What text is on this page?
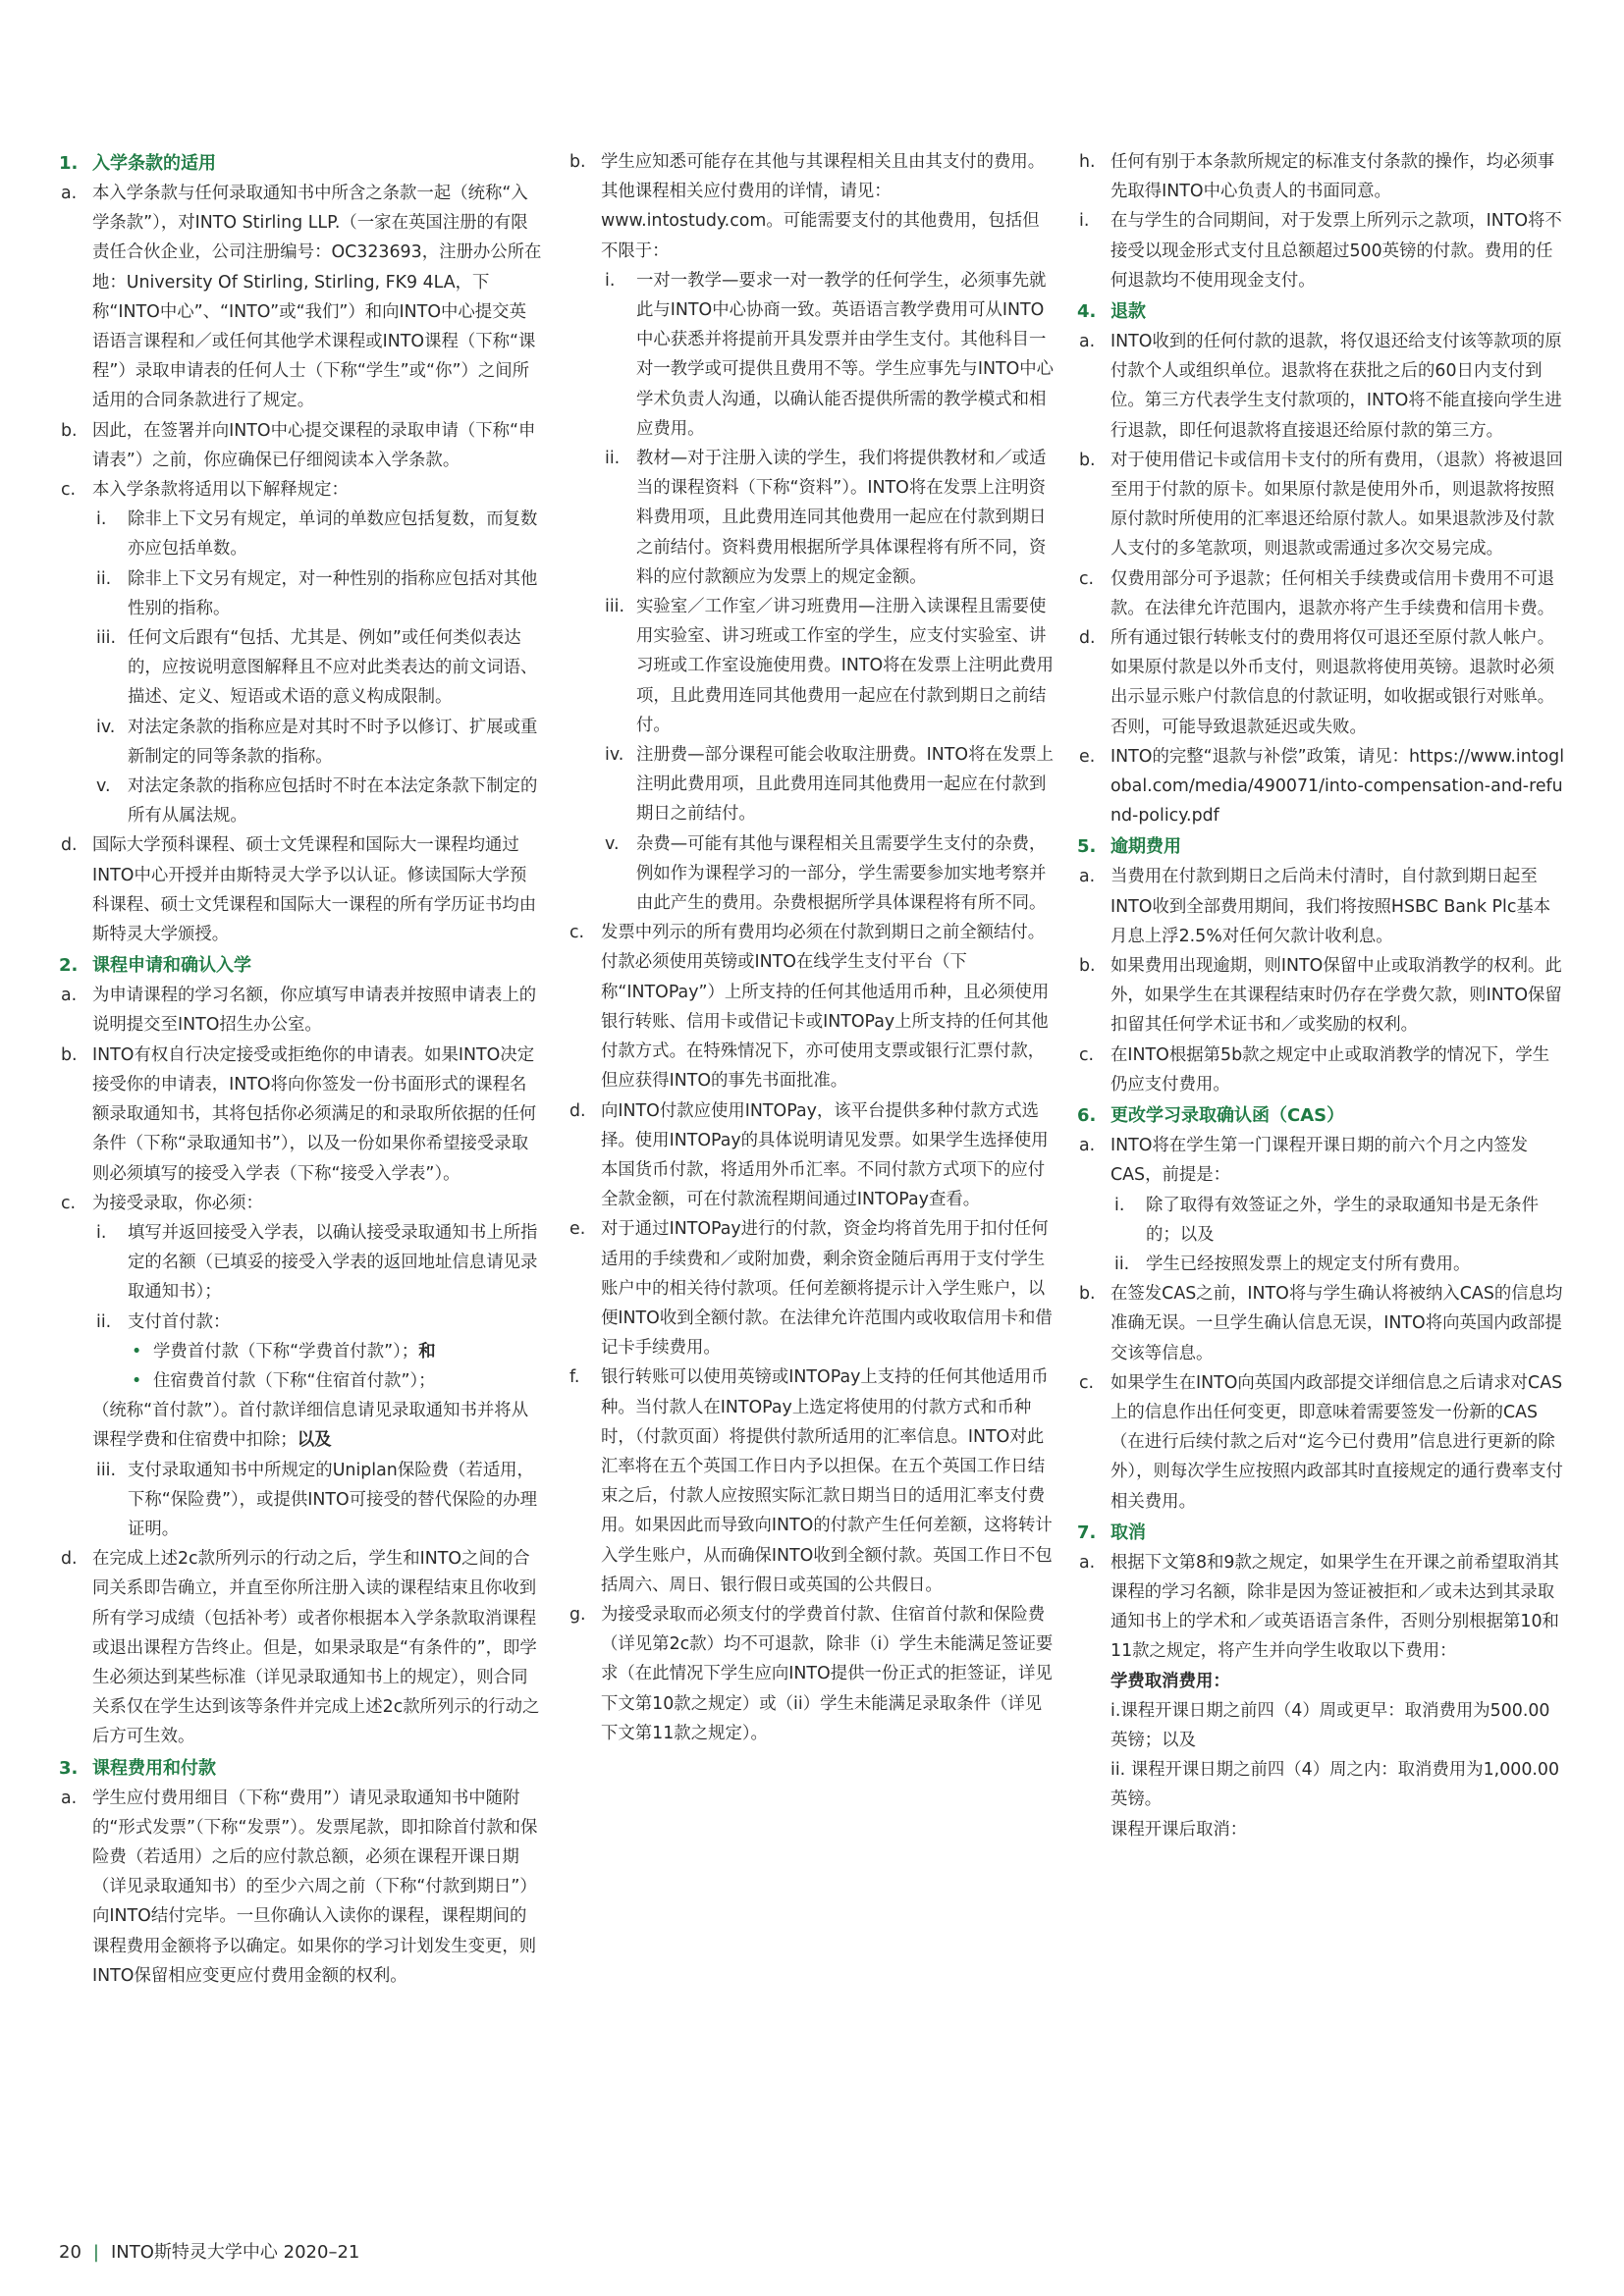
1. 入学条款的适用
a. 本入学条款与任何录取通知书中所含之条款一起（统称“入学条款”），对INTO Stirling LLP.（一家在英国注册的有限责任合伙企业，公司注册编号：OC323693，注册办公所在地：University Of Stirling, Stirling, FK9 4LA，下称“INTO中心”、“INTO”或“我们”）和向INTO中心提交英语语言课程和／或任何其他学术课程或INTO课程（下称“课程”）录取申请表的任何人士（下称“学生”或“你”）之间所适用的合同条款进行了规定。
b. 因此，在签署并向INTO中心提交课程的录取申请（下称“申请表”）之前，你应确保已仔细阅读本入学条款。
c. 本入学条款将适用以下解释规定：
i. 除非上下文另有规定，单词的单数应包括复数，而复数亦应包括单数。
ii. 除非上下文另有规定，对一种性别的指称应包括对其他性别的指称。
iii. 任何文后跟有“包括、尤其是、例如”或任何类似表达的，应按说明意图解释且不应对此类表达的前文词语、描述、定义、短语或术语的意义构成限制。
iv. 对法定条款的指称应是对其时不时予以修订、扩展或重新制定的同等条款的指称。
v. 对法定条款的指称应包括时不时在本法定条款下制定的所有从属法规。
d. 国际大学预科课程、硕士文凭课程和国际大一课程均通过INTO中心开授并由斯特灵大学予以认证。修读国际大学预科课程、硕士文凭课程和国际大一课程的所有学历证书均由斯特灵大学颁授。
2. 课程申请和确认入学
a. 为申请课程的学习名额，你应填写申请表并按照申请表上的说明提交至INTO招生办公室。
b. INTO有权自行决定接受或拒绝你的申请表。如果INTO决定接受你的申请表，INTO将向你签发一份书面形式的课程名额录取通知书，其将包括你必须满足的和录取所依据的任何条件（下称“录取通知书”），以及一份如果你希望接受录取则必须填写的接受入学表（下称“接受入学表”）。
c. 为接受录取，你必须：
i. 填写并返回接受入学表，以确认接受录取通知书上所指定的名额（已填妥的接受入学表的返回地址信息请见录取通知书）；
ii. 支付首付款：
• 学费首付款（下称“学费首付款”）；和
• 住宿费首付款（下称“住宿首付款”）；
（统称“首付款”）。首付款详细信息请见录取通知书并将从课程学费和住宿费中扣除；以及
iii. 支付录取通知书中所规定的Uniplan保险费（若适用，下称“保险费”），或提供INTO可接受的替代保险的办理证明。
d. 在完成上述2c款所列示的行动之后，学生和INTO之间的合同关系即告确立，并直至你所注册入读的课程结束且你收到所有学习成绩（包括补考）或者你根据本入学条款取消课程或退出课程方告终止。但是，如果录取是“有条件的”，即学生必须达到某些标准（详见录取通知书上的规定），则合同关系仅在学生达到该等条件并完成上述2c款所列示的行动之后方可生效。
3. 课程费用和付款
a. 学生应付费用细目（下称“费用”）请见录取通知书中随附的“形式发票”（下称“发票”）。发票尾款，即扣除首付款和保险费（若适用）之后的应付款总额，必须在课程开课日期（详见录取通知书）的至少六周之前（下称“付款到期日”）向INTO结付完毕。一旦你确认入读你的课程，课程期间的课程费用金额将予以确定。如果你的学习计划发生变更，则INTO保留相应变更应付费用金额的权利。
b. 学生应知悉可能存在其他与其课程相关且由其支付的费用。其他课程相关应付费用的详情，请见：www.intostudy.com。可能需要支付的其他费用，包括但不限于：
i. 一对一教学—要求一对一教学的任何学生，必须事先就此与INTO中心协商一致。英语语言教学费用可从INTO中心获悉并将提前开具发票并由学生支付。其他科目一对一教学或可提供且费用不等。学生应事先与INTO中心学术负责人沟通，以确认能否提供所需的教学模式和相应费用。
ii. 教材—对于注册入读的学生，我们将提供教材和／或适当的课程资料（下称“资料”）。INTO将在发票上注明资料费用项，且此费用连同其他费用一起应在付款到期日之前结付。资料费用根据所学具体课程将有所不同，资料的应付款额应为发票上的规定金额。
iii. 实验室／工作室／讲习班费用—注册入读课程且需要使用实验室、讲习班或工作室的学生，应支付实验室、讲习班或工作室设施使用费。INTO将在发票上注明此费用项，且此费用连同其他费用一起应在付款到期日之前结付。
iv. 注册费—部分课程可能会收取注册费。INTO将在发票上注明此费用项，且此费用连同其他费用一起应在付款到期日之前结付。
v. 杂费—可能有其他与课程相关且需要学生支付的杂费，例如作为课程学习的一部分，学生需要参加实地考察并由此产生的费用。杂费根据所学具体课程将有所不同。
c. 发票中列示的所有费用均必须在付款到期日之前全额结付。付款必须使用英镑或INTO在线学生支付平台（下称“INTOPay”）上所支持的任何其他适用币种，且必须使用银行转账、信用卡或借记卡或INTOPay上所支持的任何其他付款方式。在特殊情况下，亦可使用支票或银行汇票付款，但应获得INTO的事先书面批准。
d. 向INTO付款应使用INTOPay，该平台提供多种付款方式选择。使用INTOPay的具体说明请见发票。如果学生选择使用本国货币付款，将适用外币汇率。不同付款方式项下的应付全款金额，可在付款流程期间通过INTOPay查看。
e. 对于通过INTOPay进行的付款，资金均将首先用于扣付任何适用的手续费和／或附加费，剩余资金随后再用于支付学生账户中的相关待付款项。任何差额将提示计入学生账户，以便INTO收到全额付款。在法律允许范围内或收取信用卡和借记卡手续费用。
f. 银行转账可以使用英镑或INTOPay上支持的任何其他适用币种。当付款人在INTOPay上选定将使用的付款方式和币种时，（付款页面）将提供付款所适用的汇率信息。INTO对此汇率将在五个英国工作日内予以担保。在五个英国工作日结束之后，付款人应按照实际汇款日期当日的适用汇率支付费用。如果因此而导致向INTO的付款产生任何差额，这将转计入学生账户，从而确保INTO收到全额付款。英国工作日不包括周六、周日、银行假日或英国的公共假日。
g. 为接受录取而必须支付的学费首付款、住宿首付款和保险费（详见第2c款）均不可退款，除非（i）学生未能满足签证要求（在此情况下学生应向INTO提供一份正式的拒签证，详见下文第10款之规定）或（ii）学生未能满足录取条件（详见下文第11款之规定）。
h. 任何有别于本条款所规定的标准支付条款的操作，均必须事先取得INTO中心负责人的书面同意。
i. 在与学生的合同期间，对于发票上所列示之款项，INTO将不接受以现金形式支付且总额超过500英镑的付款。费用的任何退款均不使用现金支付。
4. 退款
a. INTO收到的任何付款的退款，将仅退还给支付该等款项的原付款个人或组织单位。退款将在获批之后的60日内支付到位。第三方代表学生支付款项的，INTO将不能直接向学生进行退款，即任何退款将直接退还给原付款的第三方。
b. 对于使用借记卡或信用卡支付的所有费用，（退款）将被退回至用于付款的原卡。如果原付款是使用外币，则退款将按照原付款时所使用的汇率退还给原付款人。如果退款涉及付款人支付的多笔款项，则退款或需通过多次交易完成。
c. 仅费用部分可予退款；任何相关手续费或信用卡费用不可退款。在法律允许范围内，退款亦将产生手续费和信用卡费。
d. 所有通过银行转帐支付的费用将仅可退还至原付款人帐户。如果原付款是以外币支付，则退款将使用英镑。退款时必须出示显示账户付款信息的付款证明，如收据或银行对账单。否则，可能导致退款延迟或失败。
e. INTO的完整“退款与补偿”政策，请见：https://www.intoglobal.com/media/490071/into-compensation-and-refund-policy.pdf
5. 逾期费用
a. 当费用在付款到期日之后尚未付清时，自付款到期日起至INTO收到全部费用期间，我们将按照HSBC Bank Plc基本月息上浮2.5%对任何欠款计收利息。
b. 如果费用出现逾期，则INTO保留中止或取消教学的权利。此外，如果学生在其课程结束时仍存在学费欠款，则INTO保留扣留其任何学术证书和／或奖励的权利。
c. 在INTO根据第5b款之规定中止或取消教学的情况下，学生仍应支付费用。
6. 更改学习录取确认函（CAS）
a. INTO将在学生第一门课程开课日期的前六个月之内签发CAS，前提是：
i. 除了取得有效签证之外，学生的录取通知书是无条件的；以及
ii. 学生已经按照发票上的规定支付所有费用。
b. 在签发CAS之前，INTO将与学生确认将被纳入CAS的信息均准确无误。一旦学生确认信息无误，INTO将向英国内政部提交该等信息。
c. 如果学生在INTO向英国内政部提交详细信息之后请求对CAS上的信息作出任何变更，即意味着需要签发一份新的CAS（在进行后续付款之后对“迄今已付费用”信息进行更新的除外），则每次学生应按照内政部其时直接规定的通行费率支付相关费用。
7. 取消
a. 根据下文第8和9款之规定，如果学生在开课之前希望取消其课程的学习名额，除非是因为签证被拒和／或未达到其录取通知书上的学术和／或英语语言条件，否则分别根据第10和11款之规定，将产生并向学生收取以下费用：
学费取消费用：
i.课程开课日期之前四（4）周或更早：取消费用为500.00英镑；以及
ii. 课程开课日期之前四（4）周之内：取消费用为1,000.00英镑。
课程开课后取消：
20 | INTO斯特灵大学中心 2020–21
